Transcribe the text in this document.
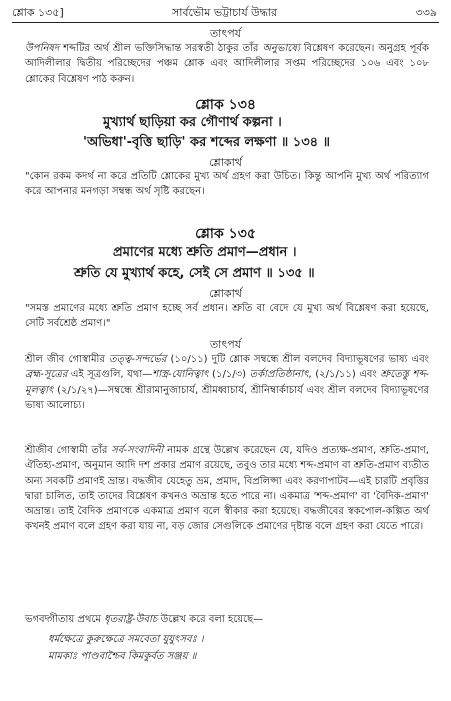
শ্লোক ১৩৫]	সার্বভৌম ভট্টাচার্য উদ্ধার	৩৩৯
তাৎপর্য
উপনিষদ শব্দটির অর্থ শ্রীল ভক্তিসিদ্ধান্ত সরস্বতী ঠাকুর তাঁর অনুভাষ্যে বিশ্লেষণ করেছেন। অনুগ্রহ পূর্বক আদিলীলার দ্বিতীয় পরিচ্ছেদের পঞ্চম শ্লোক এবং আদিলীলার সপ্তম পরিচ্ছেদের ১০৬ এবং ১০৮ শ্লোকের বিশ্লেষণ পাঠ করুন।
শ্লোক ১৩৪
মুখ্যার্থ ছাড়িয়া কর গৌণার্থ কল্পনা ।
'অভিধা'-বৃত্তি ছাড়ি' কর শব্দের লক্ষণা ॥ ১৩৪ ॥
শ্লোকার্থ
"কোন রকম কদর্থ না করে প্রতিটি শ্লোকের মুখ্য অর্থ গ্রহণ করা উচিত। কিন্তু আপনি মুখ্য অর্থ পরিত্যাগ করে আপনার মনগড়া সম্বন্ধ অর্থ সৃষ্টি করছেন।
শ্লোক ১৩৫
প্রমাণের মধ্যে শ্রুতি প্রমাণ—প্রধান ।
শ্রুতি যে মুখ্যার্থ কহে, সেই সে প্রমাণ ॥ ১৩৫ ॥
শ্লোকার্থ
"সমস্ত প্রমাণের মধ্যে শ্রুতি প্রমাণ হচ্ছে সর্ব প্রধান। শ্রুতি বা বেদে যে মুখ্য অর্থ বিশ্লেষণ করা হয়েছে, সেটি সর্বশ্রেষ্ঠ প্রমাণ।"
তাৎপর্য
শ্রীল জীব গোস্বামীর তত্ত্ব-সন্দর্ভের (১০/১১) দুটি শ্লোক সম্বন্ধে শ্রীল বলদেব বিদ্যাভূষণের ভাষ্য এবং ব্রহ্ম-সূত্রের এই সূত্রগুলি, যথা—শাস্ত্র-যোনিত্বাৎ (১/১/৩) তর্কাপ্রতিষ্ঠানাৎ, (২/১/১১) এবং শ্রুতেস্তু শব্দ-মূলত্বাৎ (২/১/২৭)—সম্বন্ধে শ্রীরামানুজাচার্য, শ্রীমধ্বাচার্য, শ্রীনিম্বার্কাচার্য এবং শ্রীল বলদেব বিদ্যাভূষণের ভাষ্য আলোচ্য।
শ্রীজীব গোস্বামী তাঁর সর্ব-সংবাদিনী নামক গ্রন্থে উল্লেখ করেছেন যে, যদিও প্রত্যক্ষ-প্রমাণ, শ্রুতি-প্রমাণ, ঐতিহ্য-প্রমাণ, অনুমান আদি দশ প্রকার প্রমাণ রয়েছে, তবুও তার মধ্যে শব্দ-প্রমাণ বা শ্রুতি-প্রমাণ ব্যতীত অন্য সবকটি প্রমাণই ভ্রান্ত। বদ্ধজীব যেহেতু ভ্রম, প্রমাদ, বিপ্রলিপ্সা এবং করণাপাটব—এই চারটি প্রবৃত্তির দ্বারা চালিত, তাই তাদের বিশ্লেষণ কখনও অভ্রান্ত হতে পারে না। একমাত্র 'শব্দ-প্রমাণ' বা 'বৈদিক-প্রমাণ' অভ্রান্ত। তাই বৈদিক প্রমাণকে একমাত্র প্রমাণ বলে স্বীকার করা হয়েছে। বদ্ধজীবের স্বকপোল-কল্পিত অর্থ কখনই প্রমাণ বলে গ্রহণ করা যায় না, বড় জোর সেগুলিকে প্রমাণের দৃষ্টান্ত বলে গ্রহণ করা যেতে পারে।
ভগবদ্গীতায় প্রথমে ধৃতরাষ্ট্র-উবাচ উল্লেখ করে বলা হয়েছে—
ধর্মক্ষেত্রে কুরুক্ষেত্রে সমবেতা যুযুৎসবঃ ।
মামকাঃ পাণ্ডবাশ্চৈব কিমকুর্বত সঞ্জয় ॥
